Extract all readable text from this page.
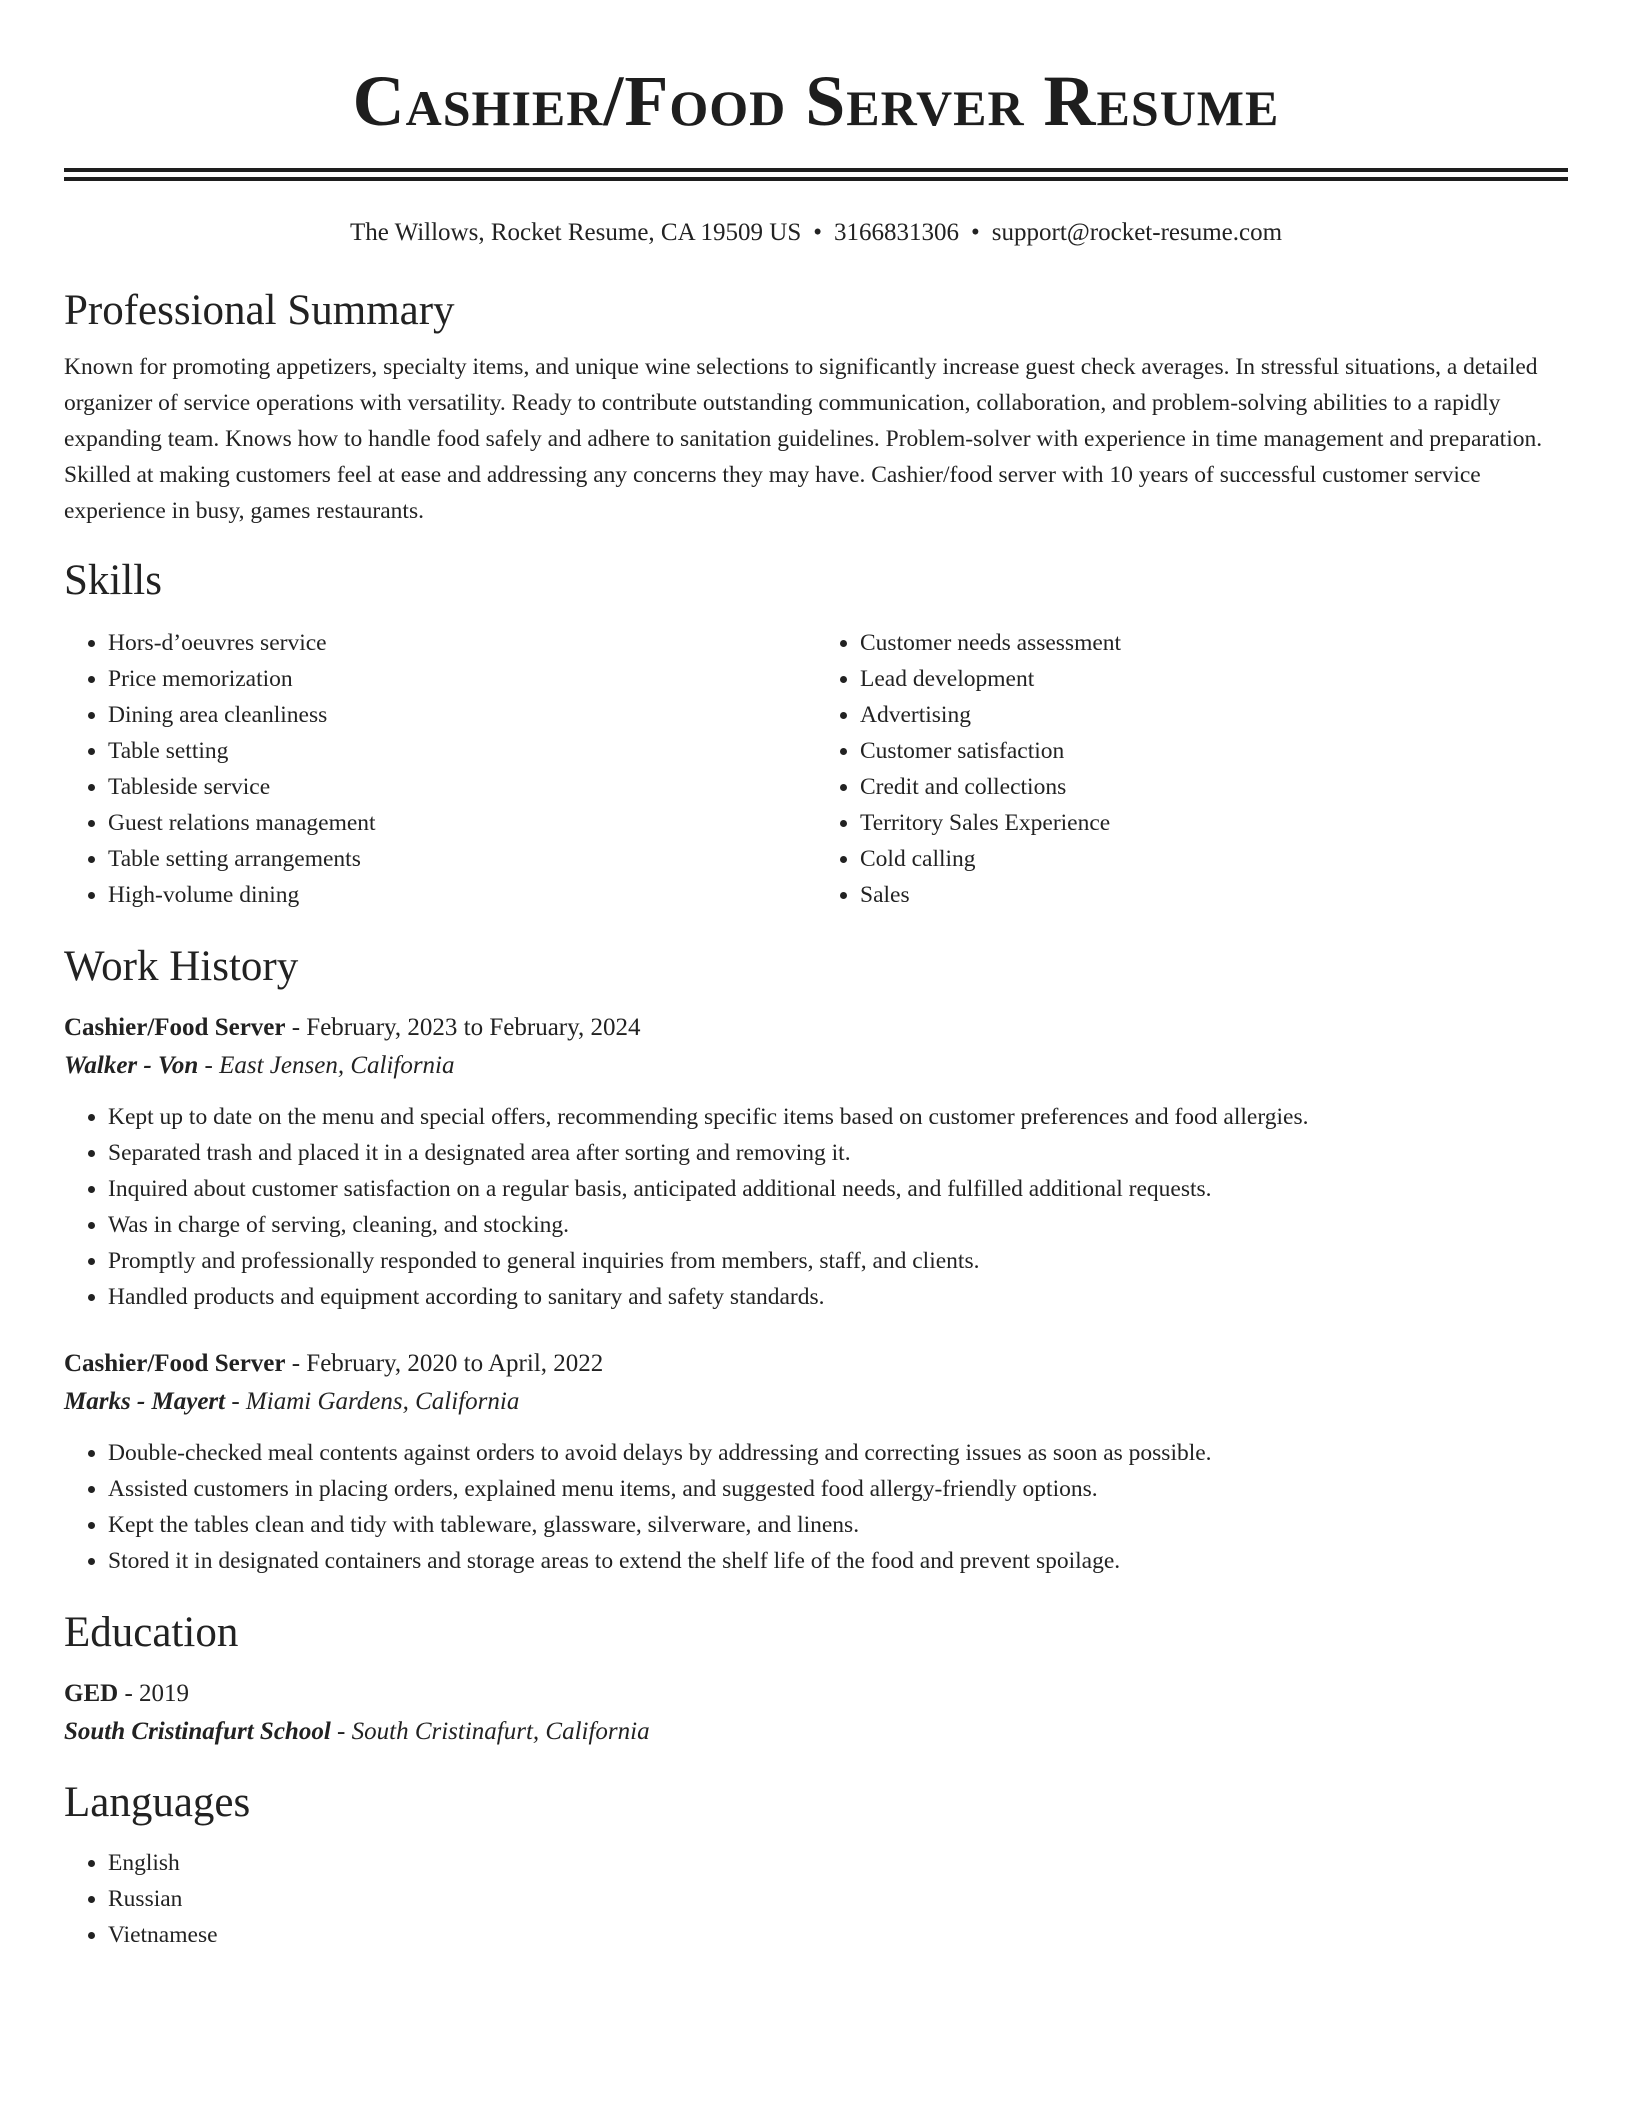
Cashier/Food Server Resume
The Willows, Rocket Resume, CA 19509 US • 3166831306 • support@rocket-resume.com
Professional Summary

Known for promoting appetizers, specialty items, and unique wine selections to significantly increase guest check averages. In stressful situations, a detailed organizer of service operations with versatility. Ready to contribute outstanding communication, collaboration, and problem-solving abilities to a rapidly expanding team. Knows how to handle food safely and adhere to sanitation guidelines. Problem-solver with experience in time management and preparation. Skilled at making customers feel at ease and addressing any concerns they may have. Cashier/food server with 10 years of successful customer service experience in busy, games restaurants.

Skills
• Hors-d’oeuvres service
• Price memorization
• Dining area cleanliness
• Table setting
• Tableside service
• Guest relations management
• Table setting arrangements
• High-volume dining
• Customer needs assessment
• Lead development
• Advertising
• Customer satisfaction
• Credit and collections
• Territory Sales Experience
• Cold calling
• Sales
Work History
Cashier/Food Server - February, 2023 to February, 2024
Walker - Von - East Jensen, California
• Kept up to date on the menu and special offers, recommending specific items based on customer preferences and food allergies.
• Separated trash and placed it in a designated area after sorting and removing it.
• Inquired about customer satisfaction on a regular basis, anticipated additional needs, and fulfilled additional requests.
• Was in charge of serving, cleaning, and stocking.
• Promptly and professionally responded to general inquiries from members, staff, and clients.
• Handled products and equipment according to sanitary and safety standards.
Cashier/Food Server - February, 2020 to April, 2022
Marks - Mayert - Miami Gardens, California
• Double-checked meal contents against orders to avoid delays by addressing and correcting issues as soon as possible.
• Assisted customers in placing orders, explained menu items, and suggested food allergy-friendly options.
• Kept the tables clean and tidy with tableware, glassware, silverware, and linens.
• Stored it in designated containers and storage areas to extend the shelf life of the food and prevent spoilage.
Education
GED - 2019
South Cristinafurt School - South Cristinafurt, California
Languages
• English
• Russian
• Vietnamese
